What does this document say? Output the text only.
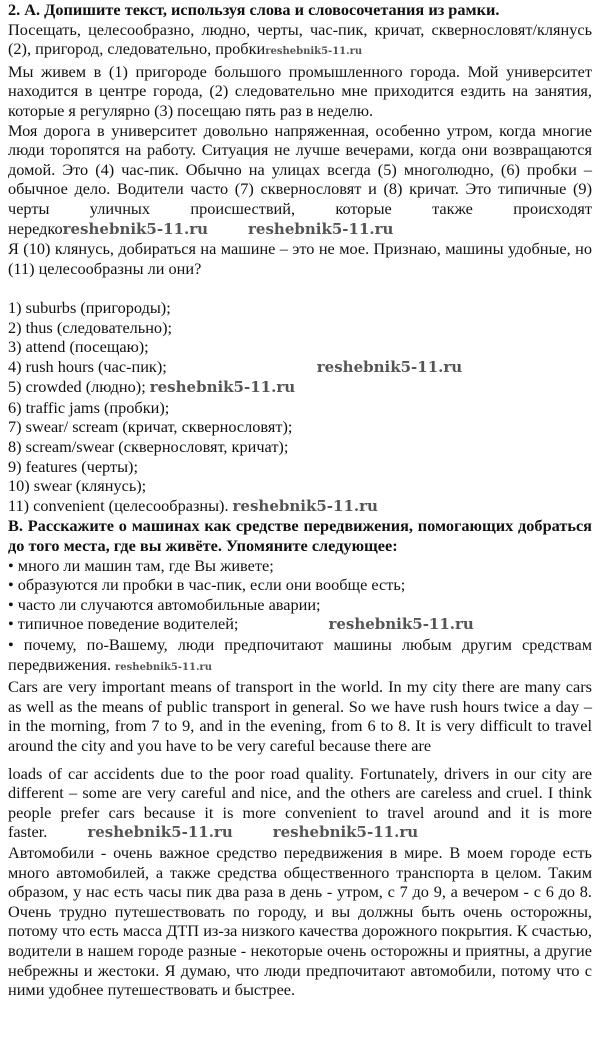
2. А. Допишите текст, используя слова и словосочетания из рамки.

Посещать, целесообразно, людно, черты, час-пик, кричат, сквернословят/клянусь (2), пригород, следовательно, пробкиreshebnik5-11.ru

Мы живем в (1) пригороде большого промышленного города. Мой университет находится в центре города, (2) следовательно мне приходится ездить на занятия, которые я регулярно (3) посещаю пять раз в неделю.

Моя дорога в университет довольно напряженная, особенно утром, когда многие люди торопятся на работу. Ситуация не лучше вечерами, когда они возвращаются домой. Это (4) час-пик. Обычно на улицах всегда (5) многолюдно, (6) пробки – обычное дело. Водители часто (7) сквернословят и (8) кричат. Это типичные (9) черты уличных происшествий, которые также происходят нередкоreshebnik5-11.ru	reshebnik5-11.ru

Я (10) клянусь, добираться на машине – это не мое. Признаю, машины удобные, но (11) целесообразны ли они?

1) suburbs (пригороды);
2) thus (следовательно);
3) attend (посещаю);
4) rush hours (час-пик);	reshebnik5-11.ru
5) crowded (людно); reshebnik5-11.ru
6) traffic jams (пробки);
7) swear/ scream (кричат, сквернословят);
8) scream/swear (сквернословят, кричат);
9) features (черты);
10) swear (клянусь);
11) convenient (целесообразны). reshebnik5-11.ru

В. Расскажите о машинах как средстве передвижения, помогающих добраться до того места, где вы живёте. Упомяните следующее:

• много ли машин там, где Вы живете;
• образуются ли пробки в час-пик, если они вообще есть;
• часто ли случаются автомобильные аварии;
• типичное поведение водителей;	reshebnik5-11.ru
• почему, по-Вашему, люди предпочитают машины любым другим средствам передвижения. reshebnik5-11.ru

Cars are very important means of transport in the world. In my city there are many cars as well as the means of public transport in general. So we have rush hours twice a day – in the morning, from 7 to 9, and in the evening, from 6 to 8. It is very difficult to travel around the city and you have to be very careful because there are

loads of car accidents due to the poor road quality. Fortunately, drivers in our city are different – some are very careful and nice, and the others are careless and cruel. I think people prefer cars because it is more convenient to travel around and it is more faster.	reshebnik5-11.ru	reshebnik5-11.ru

Автомобили - очень важное средство передвижения в мире. В моем городе есть много автомобилей, а также средства общественного транспорта в целом. Таким образом, у нас есть часы пик два раза в день - утром, с 7 до 9, а вечером - с 6 до 8. Очень трудно путешествовать по городу, и вы должны быть очень осторожны, потому что есть масса ДТП из-за низкого качества дорожного покрытия. К счастью, водители в нашем городе разные - некоторые очень осторожны и приятны, а другие небрежны и жестоки. Я думаю, что люди предпочитают автомобили, потому что с ними удобнее путешествовать и быстрее.
